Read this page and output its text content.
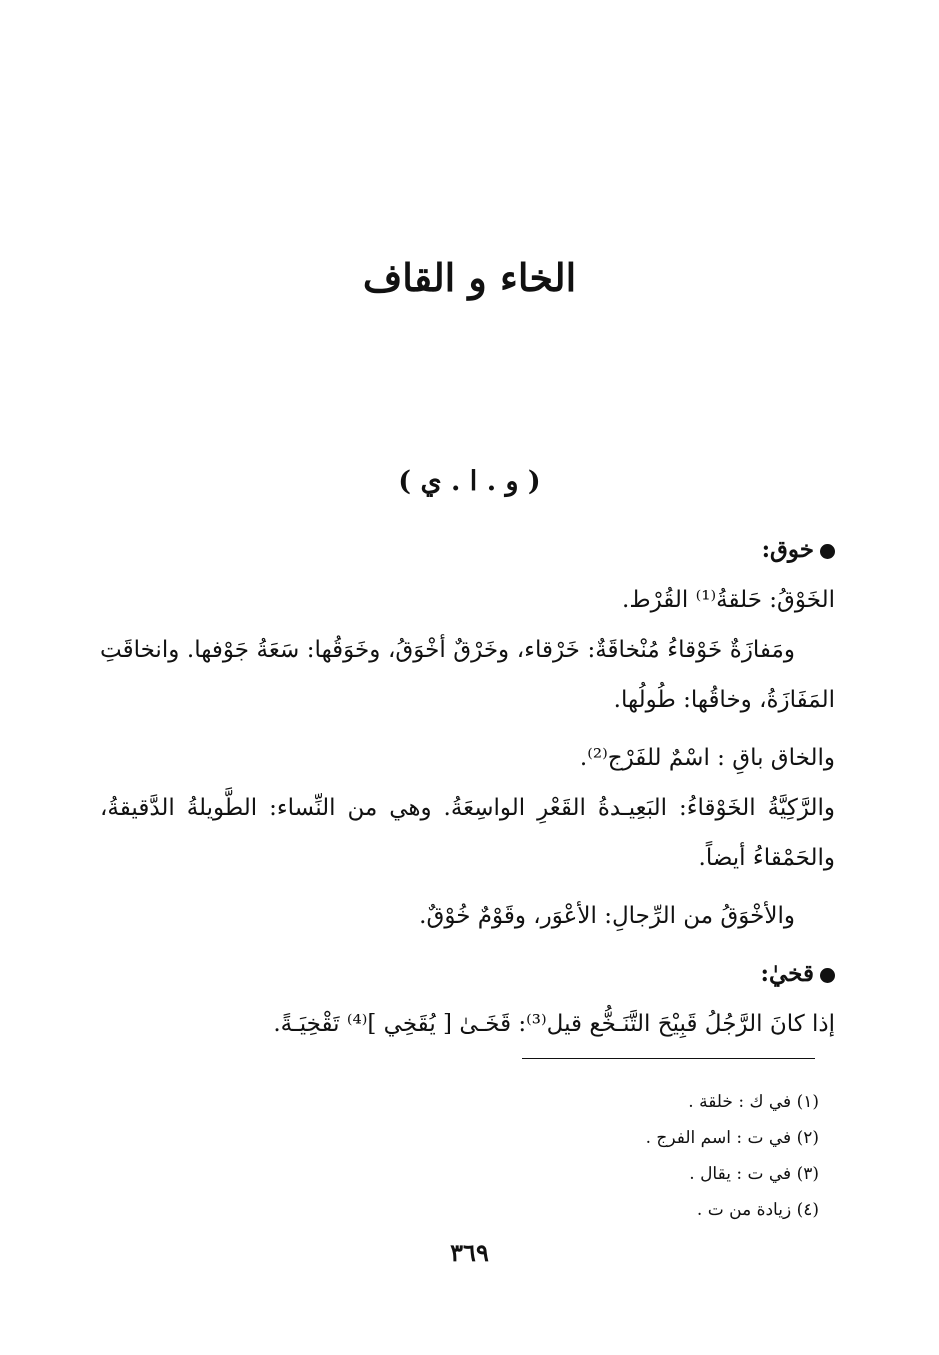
الخاء و القاف
( و . ا . ي )
خوق:
الخَوْقُ: حَلقةُ⁽¹⁾ القُرْط.
ومَفازَةٌ خَوْقاءُ مُنْخاقَةٌ: خَرْقاء، وخَرْقٌ أخْوَقُ، وخَوَقُها: سَعَةُ جَوْفها. وانخاقَتِ
المَفَازَةُ، وخاقُها: طُولُها.
والخاق باقِ : اسْمٌ للفَرْج⁽²⁾.
والرَّكِيَّةُ الخَوْقاءُ: البَعِيـدةُ القَعْرِ الواسِعَةُ. وهي من النِّساء: الطَّويلةُ الدَّقيقةُ،
والحَمْقاءُ أيضاً.
والأخْوَقُ من الرِّجالِ: الأعْوَر، وقَوْمٌ خُوْقٌ.
قخيٰ:
إذا كانَ الرَّجُلُ قَبِيْحَ التَّنَـخُّع قيل⁽³⁾: قَخَـىٰ [ يُقَخِي ]⁽⁴⁾ تَقْخِيَـةً.
(١) في ك : خلقة .
(٢) في ت : اسم الفرج .
(٣) في ت : يقال .
(٤) زيادة من ت .
٣٦٩
